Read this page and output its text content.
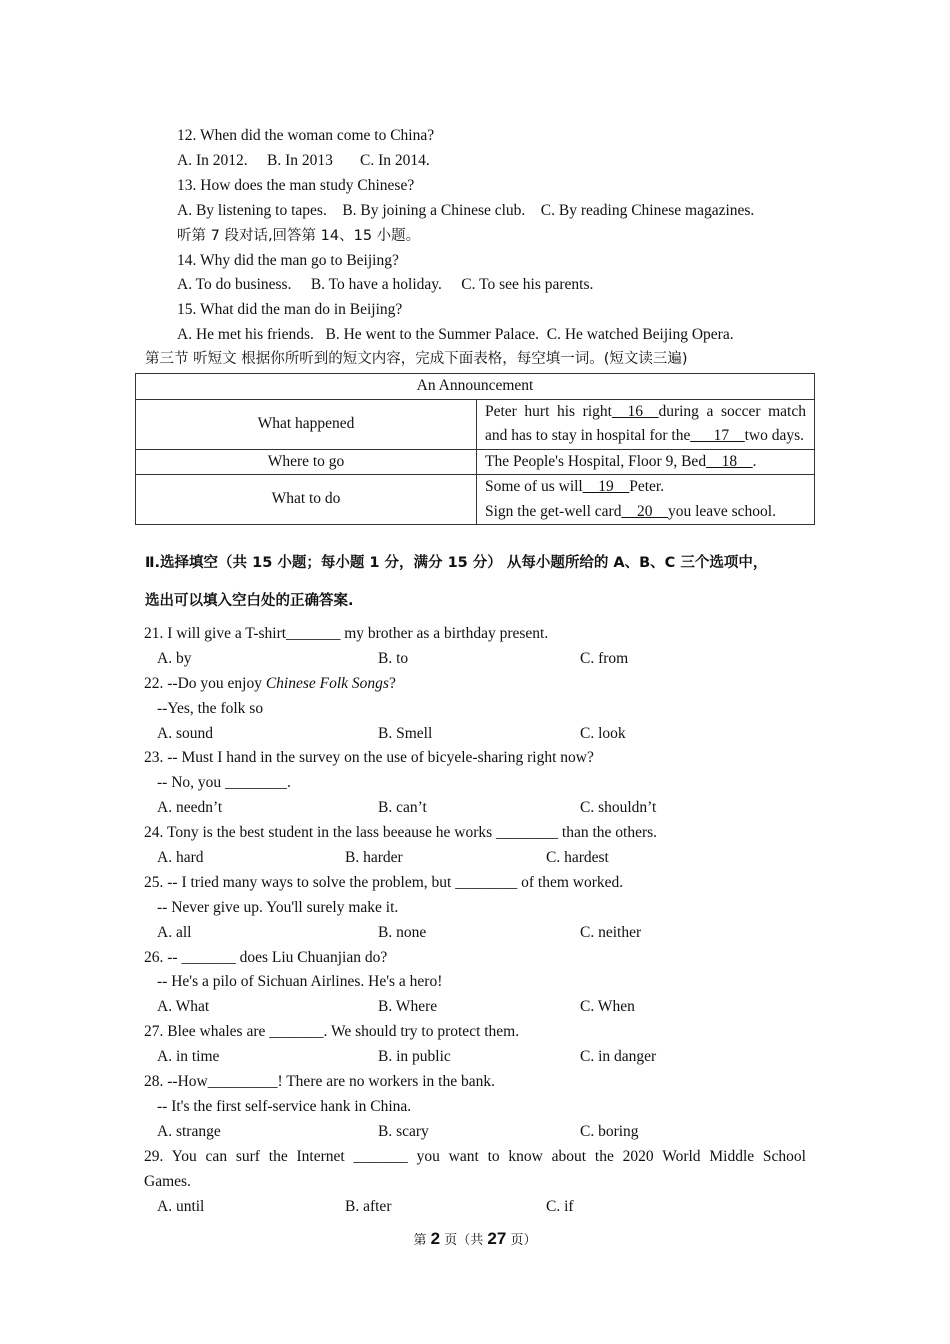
12. When did the woman come to China?
A. In 2012.     B. In 2013       C. In 2014.
13. How does the man study Chinese?
A. By listening to tapes.    B. By joining a Chinese club.    C. By reading Chinese magazines.
听第 7 段对话,回答第 14、15 小题。
14. Why did the man go to Beijing?
A. To do business.     B. To have a holiday.     C. To see his parents.
15. What did the man do in Beijing?
A. He met his friends.   B. He went to the Summer Palace.  C. He watched Beijing Opera.
第三节 听短文 根据你所听到的短文内容，完成下面表格，每空填一词。(短文读三遍)
An Announcement	
What happened	Peter hurt his right__16__during a soccer match and has to stay in hospital for the___17__two days.
Where to go	The People's Hospital, Floor 9, Bed__18__.
What to do	Some of us will__19__Peter.
Sign the get-well card__20__you leave school.
Ⅱ.选择填空（共 15 小题；每小题 1 分，满分 15 分） 从每小题所给的 A、B、C 三个选项中，
选出可以填入空白处的正确答案.
21. I will give a T-shirt_______ my brother as a birthday present.
A. by	B. to	C. from
22. --Do you enjoy Chinese Folk Songs?
--Yes, the folk so
A. sound	B. Smell	C. look
23. -- Must I hand in the survey on the use of bicyele-sharing right now?
-- No, you ________.
A. needn’t	B. can’t	C. shouldn’t
24. Tony is the best student in the lass beeause he works ________ than the others.
A. hard	B. harder	C. hardest
25. -- I tried many ways to solve the problem, but ________ of them worked.
-- Never give up. You'll surely make it.
A. all	B. none	C. neither
26. -- _______ does Liu Chuanjian do?
-- He's a pilo of Sichuan Airlines. He's a hero!
A. What	B. Where	C. When
27. Blee whales are _______. We should try to protect them.
A. in time	B. in public	C. in danger
28. --How_________! There are no workers in the bank.
-- It's the first self-service hank in China.
A. strange	B. scary	C. boring
29. You can surf the Internet _______ you want to know about the 2020 World Middle School
Games.
A. until	B. after	C. if
第 2 页（共 27 页）
